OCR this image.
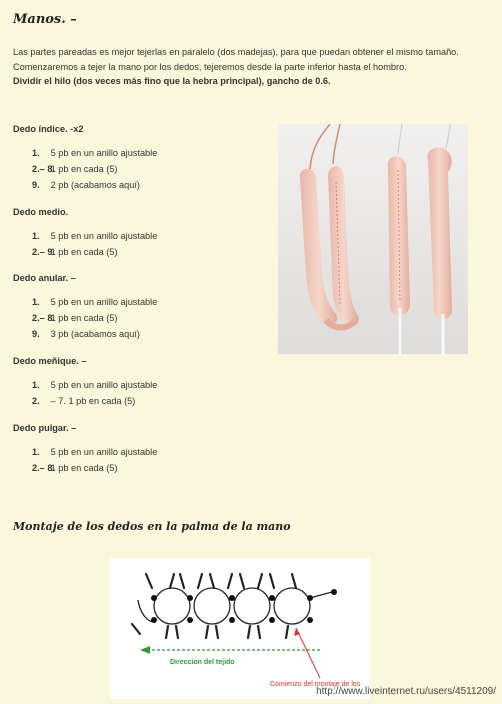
Manos. –
Las partes pareadas es mejor tejerlas en paralelo (dos madejas), para que puedan obtener el mismo tamaño. Comenzaremos a tejer la mano por los dedos, tejeremos desde la parte inferior hasta el hombro.
Dividir el hilo (dos veces más fino que la hebra principal), gancho de 0.6.
Dedo índice. -x2
1. 5 pb en un anillo ajustable
2.– 8. 1 pb en cada (5)
9. 2 pb (acabamos aquí)
Dedo medio.
1. 5 pb en un anillo ajustable
2.– 9. 1 pb en cada (5)
Dedo anular. –
1. 5 pb en un anillo ajustable
2.– 8. 1 pb en cada (5)
9. 3 pb (acabamos aquí)
Dedo meñique. –
1. 5 pb en un anillo ajustable
2. – 7. 1 pb en cada (5)
Dedo pulgar. –
1. 5 pb en un anillo ajustable
2.– 8. 1 pb en cada (5)
Montaje de los dedos en la palma de la mano
Direccion del tejido
Comienzo del montaje de los
http://www.liveinternet.ru/users/4511209/
